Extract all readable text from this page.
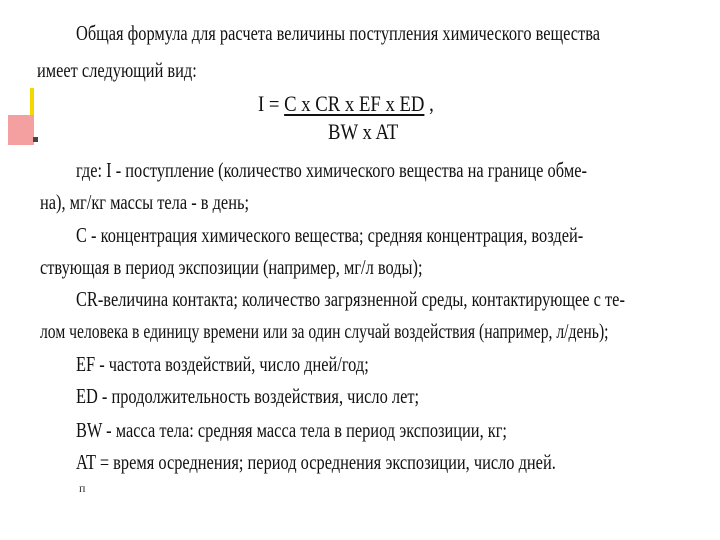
Общая формула для расчета величины поступления химического вещества
имеет следующий вид:
I = C x CR x EF x ED ,
BW x AT
где: I - поступление (количество химического вещества на границе обме-
на), мг/кг массы тела - в день;
C - концентрация химического вещества; средняя концентрация, воздей-
ствующая в период экспозиции (например, мг/л воды);
CR-величина контакта; количество загрязненной среды, контактирующее с те-
лом человека в единицу времени или за один случай воздействия (например, л/день);
EF - частота воздействий, число дней/год;
ED - продолжительность воздействия, число лет;
BW - масса тела: средняя масса тела в период экспозиции, кг;
AT = время осреднения; период осреднения экспозиции, число дней.
п
